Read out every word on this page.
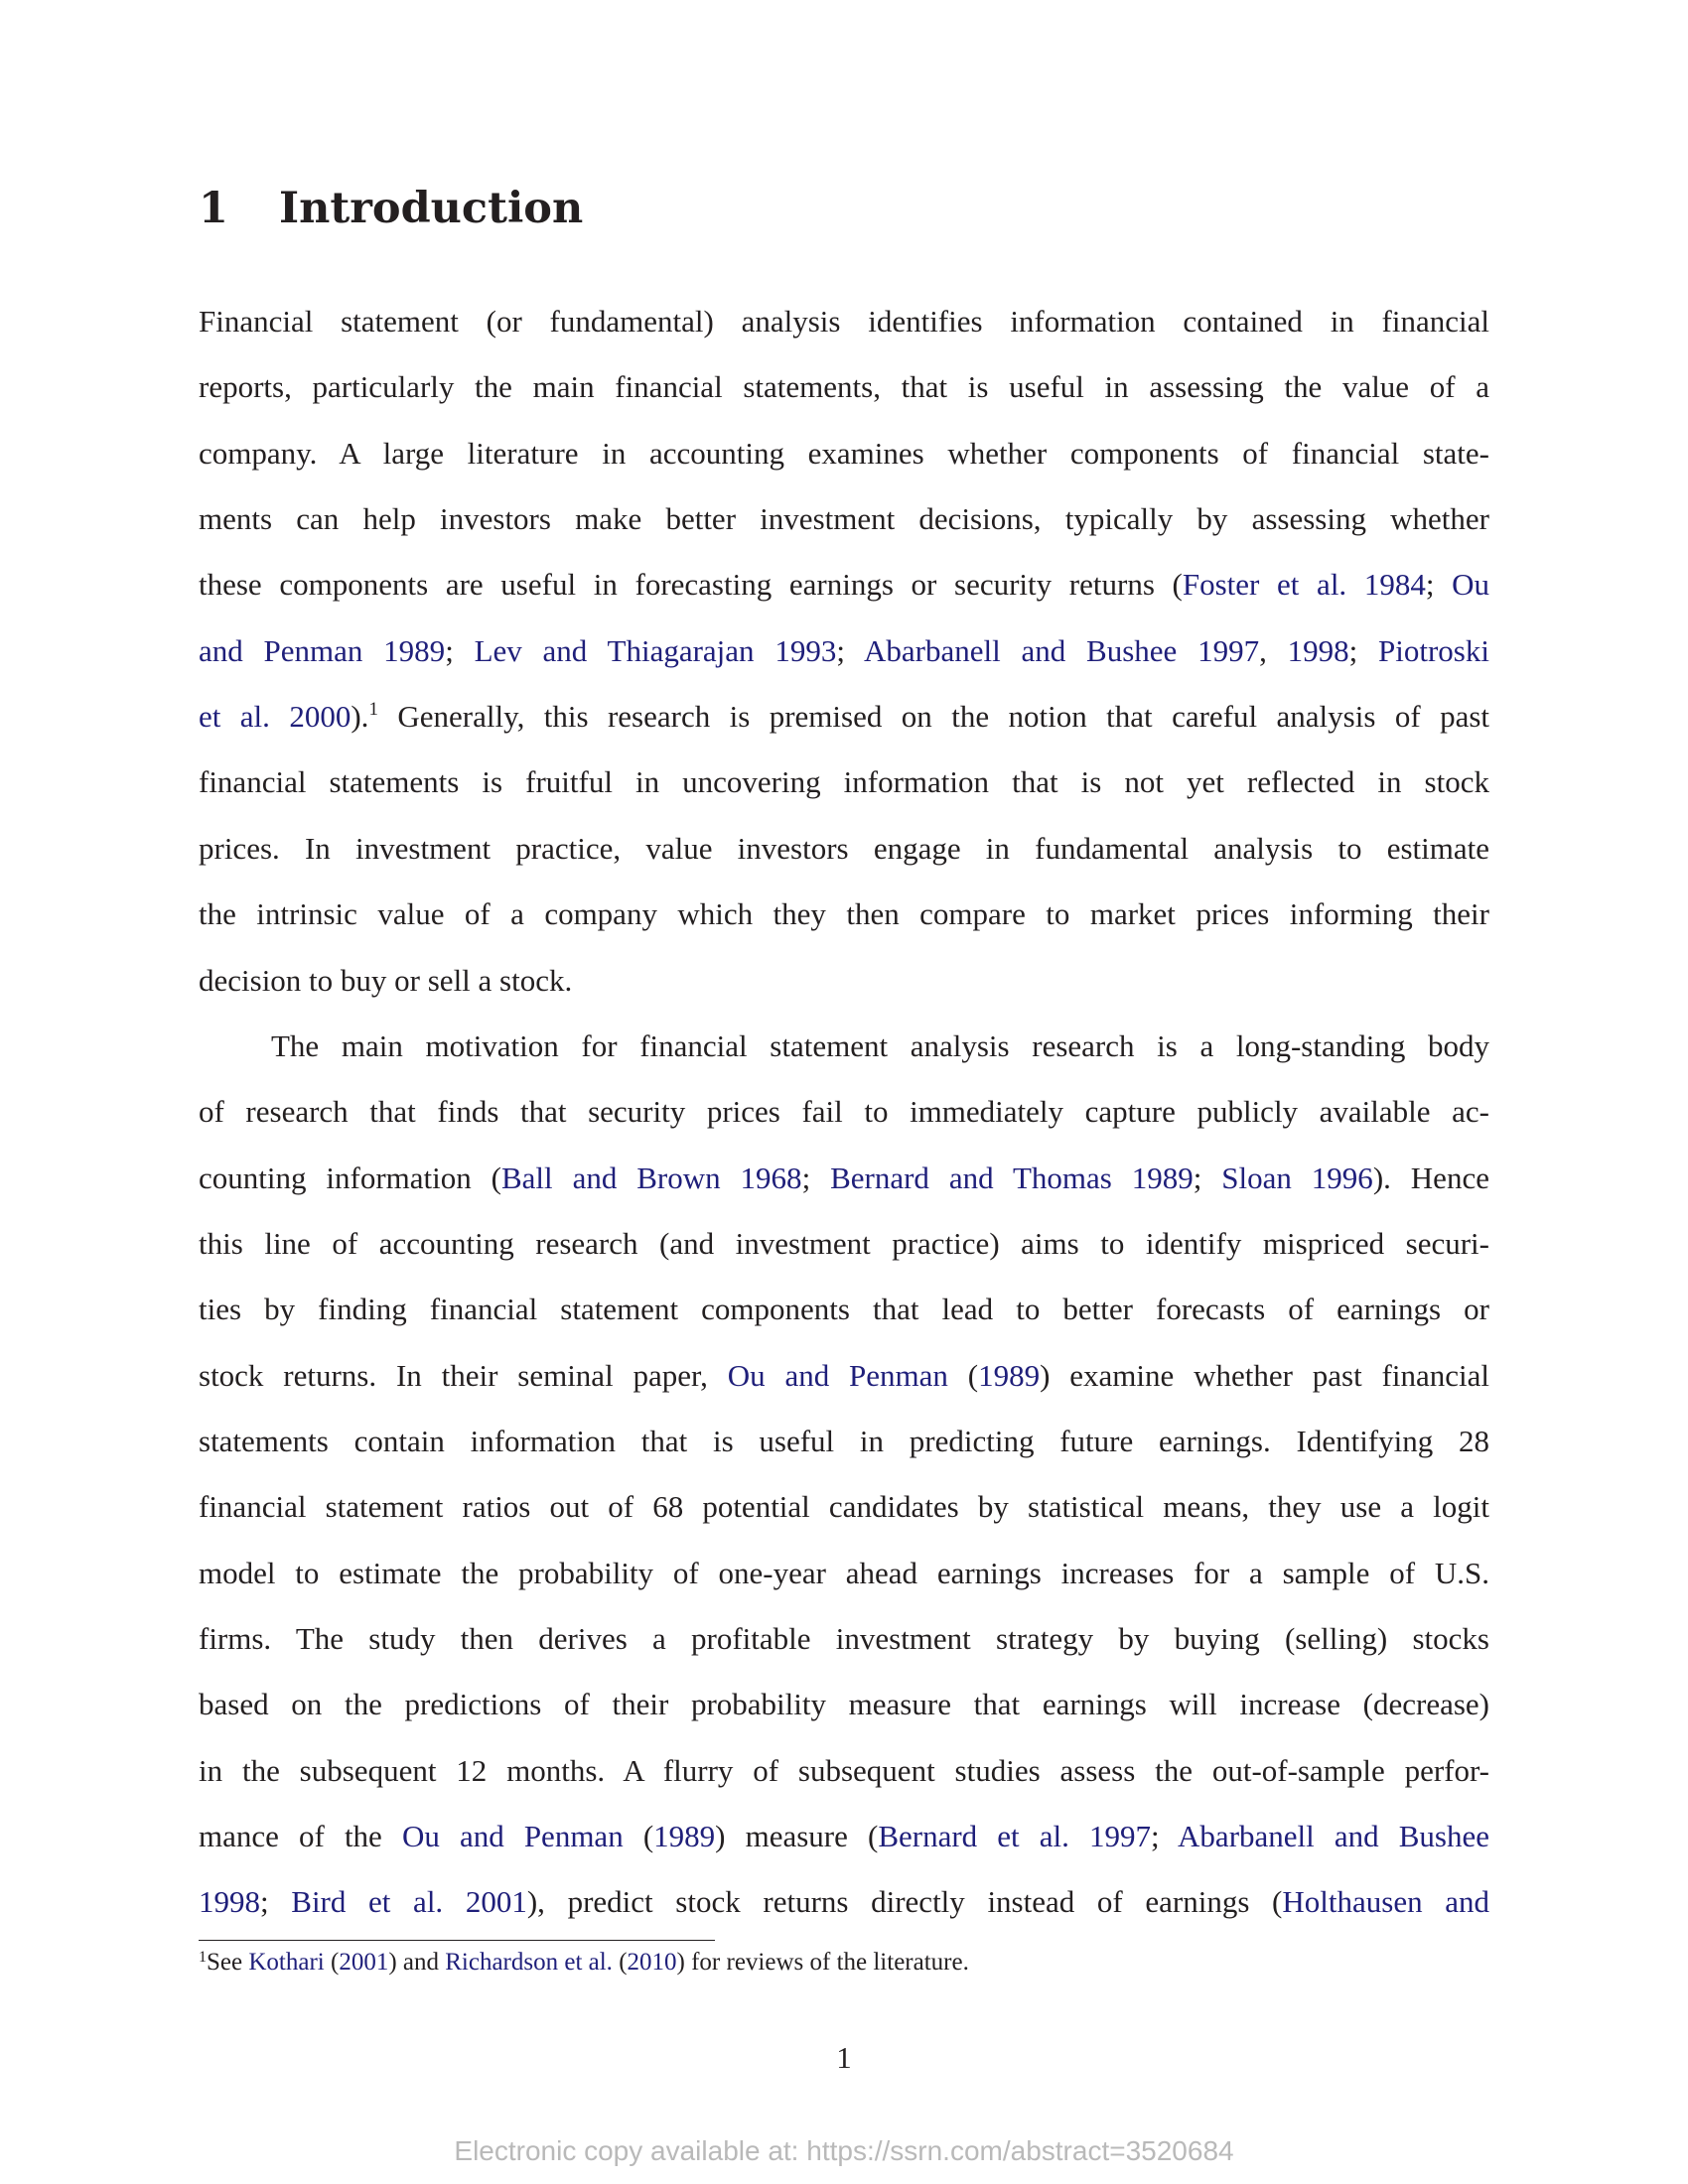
1 Introduction
Financial statement (or fundamental) analysis identifies information contained in financial
reports, particularly the main financial statements, that is useful in assessing the value of a
company. A large literature in accounting examines whether components of financial state-
ments can help investors make better investment decisions, typically by assessing whether
these components are useful in forecasting earnings or security returns (Foster et al. 1984; Ou
and Penman 1989; Lev and Thiagarajan 1993; Abarbanell and Bushee 1997, 1998; Piotroski
et al. 2000).$^1$ Generally, this research is premised on the notion that careful analysis of past
financial statements is fruitful in uncovering information that is not yet reflected in stock
prices. In investment practice, value investors engage in fundamental analysis to estimate
the intrinsic value of a company which they then compare to market prices informing their
decision to buy or sell a stock.
The main motivation for financial statement analysis research is a long-standing body
of research that finds that security prices fail to immediately capture publicly available ac-
counting information (Ball and Brown 1968; Bernard and Thomas 1989; Sloan 1996). Hence
this line of accounting research (and investment practice) aims to identify mispriced securi-
ties by finding financial statement components that lead to better forecasts of earnings or
stock returns. In their seminal paper, Ou and Penman (1989) examine whether past financial
statements contain information that is useful in predicting future earnings. Identifying 28
financial statement ratios out of 68 potential candidates by statistical means, they use a logit
model to estimate the probability of one-year ahead earnings increases for a sample of U.S.
firms. The study then derives a profitable investment strategy by buying (selling) stocks
based on the predictions of their probability measure that earnings will increase (decrease)
in the subsequent 12 months. A flurry of subsequent studies assess the out-of-sample perfor-
mance of the Ou and Penman (1989) measure (Bernard et al. 1997; Abarbanell and Bushee
1998; Bird et al. 2001), predict stock returns directly instead of earnings (Holthausen and
$^1$See Kothari (2001) and Richardson et al. (2010) for reviews of the literature.
1
Electronic copy available at: https://ssrn.com/abstract=3520684
